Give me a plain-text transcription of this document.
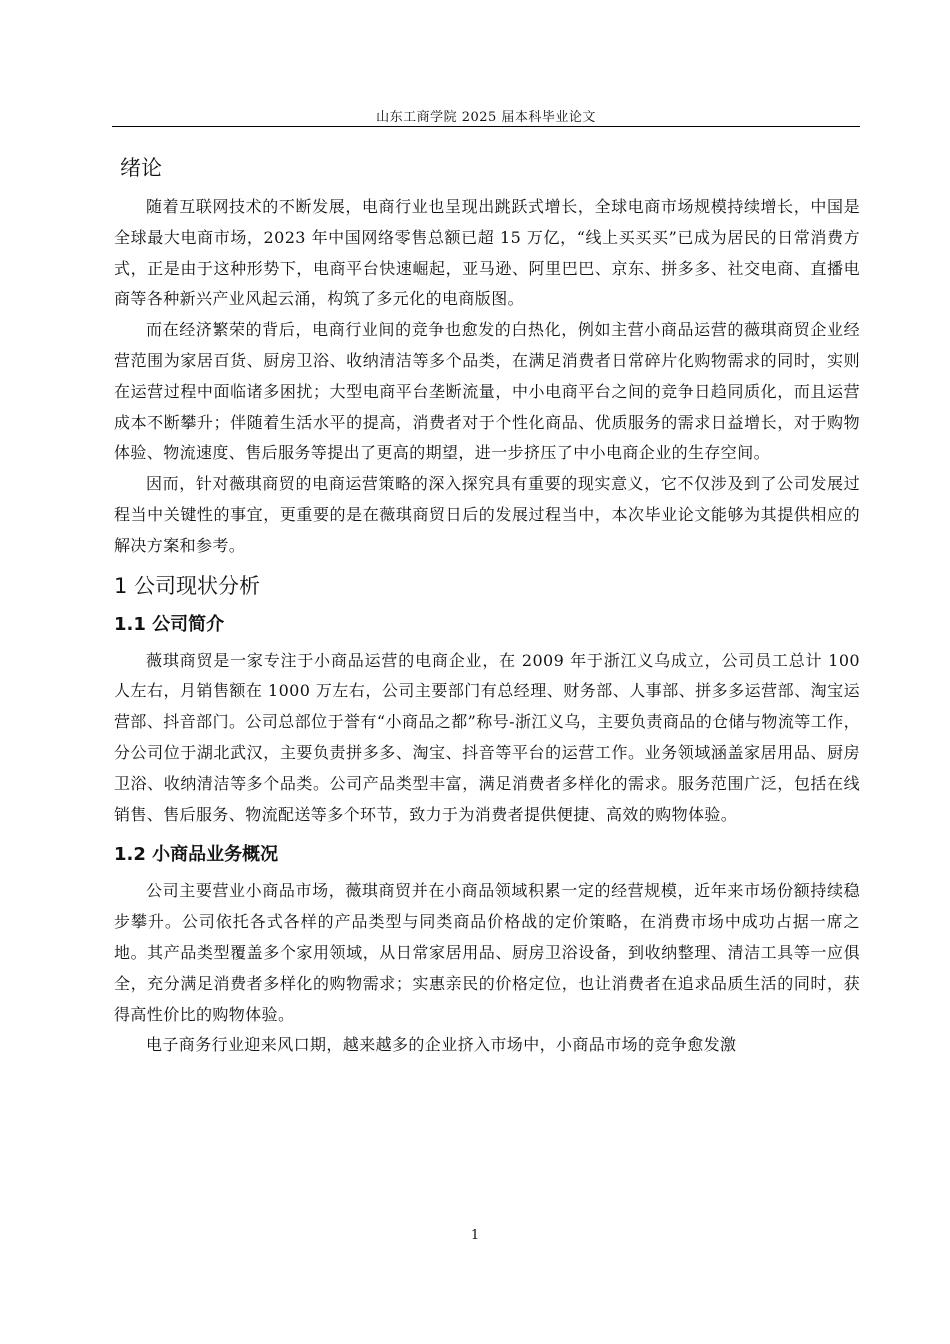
山东工商学院 2025 届本科毕业论文
绪论

随着互联网技术的不断发展，电商行业也呈现出跳跃式增长，全球电商市场规模持续增长，中国是全球最大电商市场，2023 年中国网络零售总额已超 15 万亿，“线上买买买”已成为居民的日常消费方式，正是由于这种形势下，电商平台快速崛起，亚马逊、阿里巴巴、京东、拼多多、社交电商、直播电商等各种新兴产业风起云涌，构筑了多元化的电商版图。

而在经济繁荣的背后，电商行业间的竞争也愈发的白热化，例如主营小商品运营的薇琪商贸企业经营范围为家居百货、厨房卫浴、收纳清洁等多个品类，在满足消费者日常碎片化购物需求的同时，实则在运营过程中面临诸多困扰；大型电商平台垄断流量，中小电商平台之间的竞争日趋同质化，而且运营成本不断攀升；伴随着生活水平的提高，消费者对于个性化商品、优质服务的需求日益增长，对于购物体验、物流速度、售后服务等提出了更高的期望，进一步挤压了中小电商企业的生存空间。

因而，针对薇琪商贸的电商运营策略的深入探究具有重要的现实意义，它不仅涉及到了公司发展过程当中关键性的事宜，更重要的是在薇琪商贸日后的发展过程当中，本次毕业论文能够为其提供相应的解决方案和参考。

1 公司现状分析
1.1 公司简介

薇琪商贸是一家专注于小商品运营的电商企业，在 2009 年于浙江义乌成立，公司员工总计 100 人左右，月销售额在 1000 万左右，公司主要部门有总经理、财务部、人事部、拼多多运营部、淘宝运营部、抖音部门。公司总部位于誉有“小商品之都”称号-浙江义乌，主要负责商品的仓储与物流等工作，分公司位于湖北武汉，主要负责拼多多、淘宝、抖音等平台的运营工作。业务领域涵盖家居用品、厨房卫浴、收纳清洁等多个品类。公司产品类型丰富，满足消费者多样化的需求。服务范围广泛，包括在线销售、售后服务、物流配送等多个环节，致力于为消费者提供便捷、高效的购物体验。

1.2 小商品业务概况

公司主要营业小商品市场，薇琪商贸并在小商品领域积累一定的经营规模，近年来市场份额持续稳步攀升。公司依托各式各样的产品类型与同类商品价格战的定价策略，在消费市场中成功占据一席之地。其产品类型覆盖多个家用领域，从日常家居用品、厨房卫浴设备，到收纳整理、清洁工具等一应俱全，充分满足消费者多样化的购物需求；实惠亲民的价格定位，也让消费者在追求品质生活的同时，获得高性价比的购物体验。

电子商务行业迎来风口期，越来越多的企业挤入市场中，小商品市场的竞争愈发激

1
